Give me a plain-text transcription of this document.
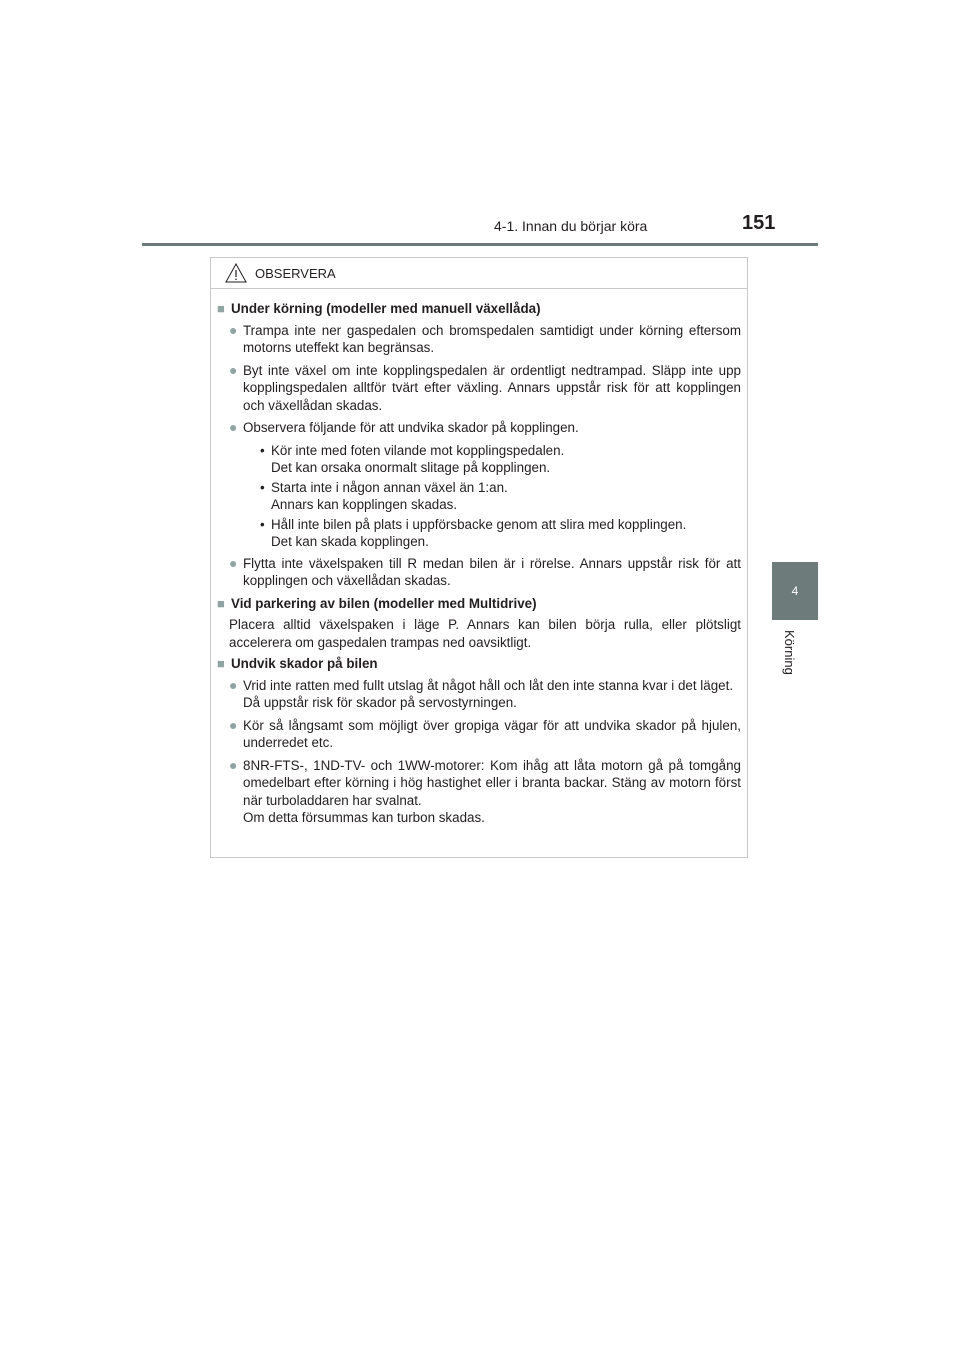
4-1. Innan du börjar köra	151
4
Körning
OBSERVERA
■ Under körning (modeller med manuell växellåda)
● Trampa inte ner gaspedalen och bromspedalen samtidigt under körning eftersom motorns uteffekt kan begränsas.
● Byt inte växel om inte kopplingspedalen är ordentligt nedtrampad. Släpp inte upp kopplingspedalen alltför tvärt efter växling. Annars uppstår risk för att kopplingen och växellådan skadas.
● Observera följande för att undvika skador på kopplingen.
• Kör inte med foten vilande mot kopplingspedalen.
Det kan orsaka onormalt slitage på kopplingen.
• Starta inte i någon annan växel än 1:an.
Annars kan kopplingen skadas.
• Håll inte bilen på plats i uppförsbacke genom att slira med kopplingen.
Det kan skada kopplingen.
● Flytta inte växelspaken till R medan bilen är i rörelse. Annars uppstår risk för att kopplingen och växellådan skadas.
■ Vid parkering av bilen (modeller med Multidrive)
Placera alltid växelspaken i läge P. Annars kan bilen börja rulla, eller plötsligt accelerera om gaspedalen trampas ned oavsiktligt.
■ Undvik skador på bilen
● Vrid inte ratten med fullt utslag åt något håll och låt den inte stanna kvar i det läget.
Då uppstår risk för skador på servostyrningen.
● Kör så långsamt som möjligt över gropiga vägar för att undvika skador på hjulen, underredet etc.
● 8NR-FTS-, 1ND-TV- och 1WW-motorer: Kom ihåg att låta motorn gå på tomgång omedelbart efter körning i hög hastighet eller i branta backar. Stäng av motorn först när turboladdaren har svalnat.
Om detta försummas kan turbon skadas.
